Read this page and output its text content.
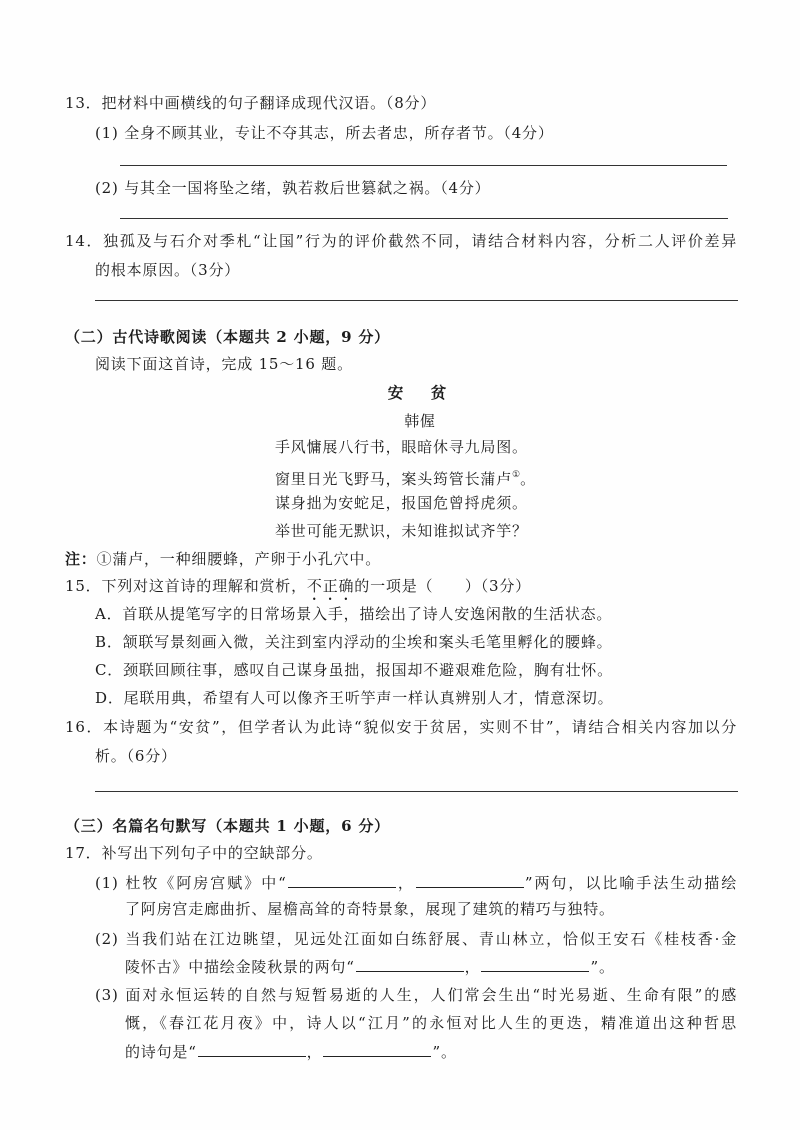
13．把材料中画横线的句子翻译成现代汉语。（8分）
(1) 全身不顾其业，专让不夺其志，所去者忠，所存者节。（4分）
(2) 与其全一国将坠之绪，孰若救后世篡弑之祸。（4分）
14．独孤及与石介对季札“让国”行为的评价截然不同，请结合材料内容，分析二人评价差异
的根本原因。（3分）
（二）古代诗歌阅读（本题共 2 小题，9 分）
阅读下面这首诗，完成 15～16 题。
安　贫
韩偓
手风慵展八行书，眼暗休寻九局图。
窗里日光飞野马，案头筠管长蒲卢①。
谋身拙为安蛇足，报国危曾捋虎须。
举世可能无默识，未知谁拟试齐竽？
注：①蒲卢，一种细腰蜂，产卵于小孔穴中。
15．下列对这首诗的理解和赏析，不正确的一项是（　　）（3分）
A．首联从提笔写字的日常场景入手，描绘出了诗人安逸闲散的生活状态。
B．颔联写景刻画入微，关注到室内浮动的尘埃和案头毛笔里孵化的腰蜂。
C．颈联回顾往事，感叹自己谋身虽拙，报国却不避艰难危险，胸有壮怀。
D．尾联用典，希望有人可以像齐王听竽声一样认真辨别人才，情意深切。
16．本诗题为“安贫”，但学者认为此诗“貌似安于贫居，实则不甘”，请结合相关内容加以分
析。（6分）
（三）名篇名句默写（本题共 1 小题，6 分）
17．补写出下列句子中的空缺部分。
(1) 杜牧《阿房宫赋》中“	，	”两句，以比喻手法生动描绘
了阿房宫走廊曲折、屋檐高耸的奇特景象，展现了建筑的精巧与独特。
(2) 当我们站在江边眺望，见远处江面如白练舒展、青山林立，恰似王安石《桂枝香·金
陵怀古》中描绘金陵秋景的两句“	，	”。
(3) 面对永恒运转的自然与短暂易逝的人生，人们常会生出“时光易逝、生命有限”的感
慨，《春江花月夜》中，诗人以“江月”的永恒对比人生的更迭，精准道出这种哲思
的诗句是“	，	”。
